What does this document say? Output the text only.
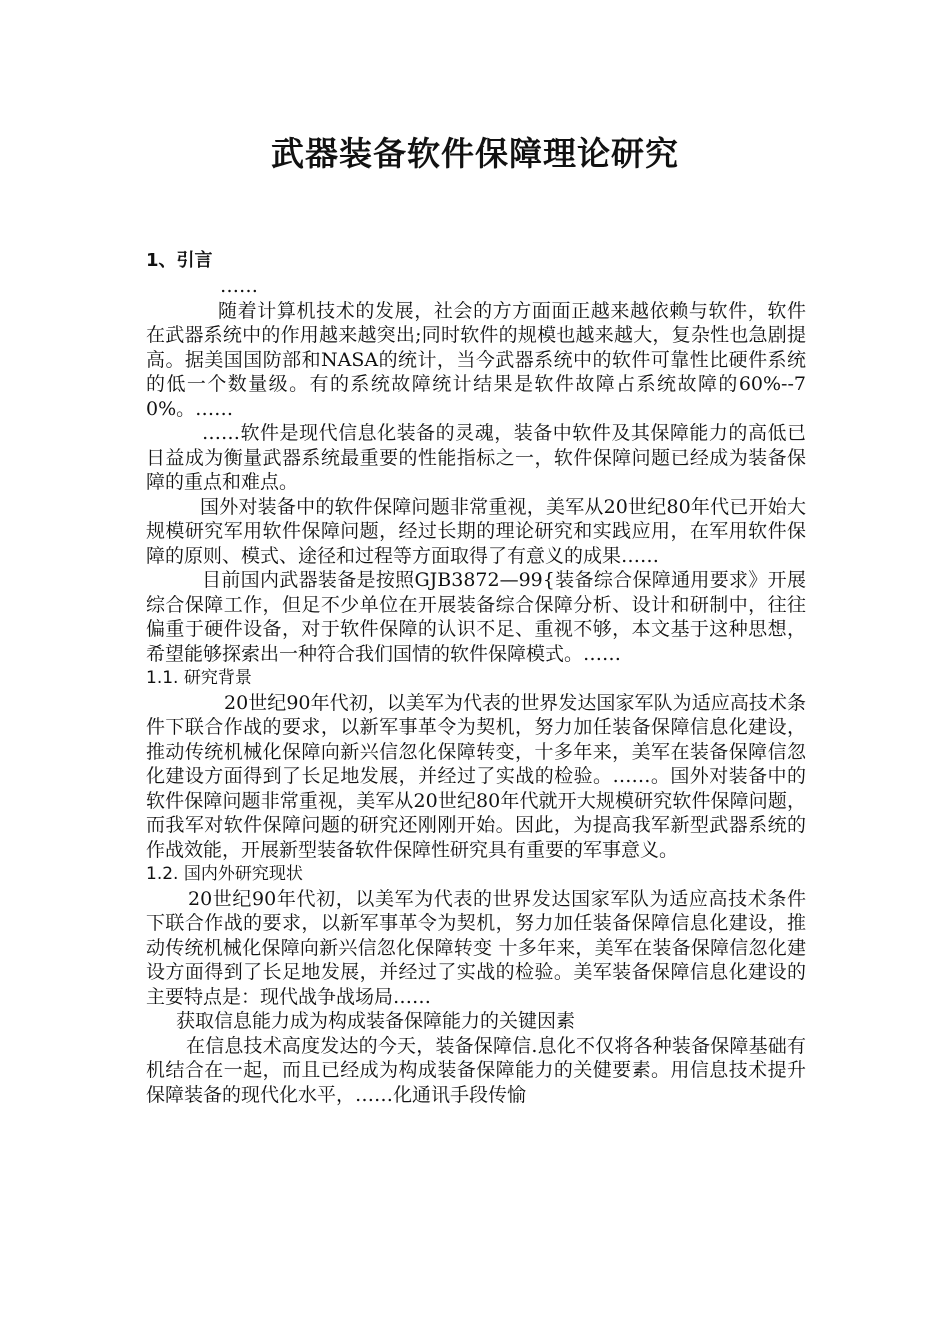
武器装备软件保障理论研究
1、引言

……

随着计算机技术的发展，社会的方方面面正越来越依赖与软件，软件在武器系统中的作用越来越突出;同时软件的规模也越来越大，复杂性也急剧提高。据美国国防部和NASA的统计，当今武器系统中的软件可靠性比硬件系统的低一个数量级。有的系统故障统计结果是软件故障占系统故障的60%--70%。……

……软件是现代信息化装备的灵魂，装备中软件及其保障能力的高低已日益成为衡量武器系统最重要的性能指标之一，软件保障问题已经成为装备保障的重点和难点。

国外对装备中的软件保障问题非常重视，美军从20世纪80年代已开始大规模研究军用软件保障问题，经过长期的理论研究和实践应用，在军用软件保障的原则、模式、途径和过程等方面取得了有意义的成果……

目前国内武器装备是按照GJB3872—99{装备综合保障通用要求》开展综合保障工作，但足不少单位在开展装备综合保障分析、设计和研制中，往往偏重于硬件设备，对于软件保障的认识不足、重视不够，本文基于这种思想，希望能够探索出一种符合我们国情的软件保障模式。……

1.1. 研究背景

20世纪90年代初，以美军为代表的世界发达国家军队为适应高技术条件下联合作战的要求，以新军事革令为契机，努力加任装备保障信息化建设，推动传统机械化保障向新兴信忽化保障转变，十多年来，美军在装备保障信忽化建设方面得到了长足地发展，并经过了实战的检验。……。国外对装备中的软件保障问题非常重视，美军从20世纪80年代就开大规模研究软件保障问题，而我军对软件保障问题的研究还刚刚开始。因此，为提高我军新型武器系统的作战效能，开展新型装备软件保障性研究具有重要的军事意义。

1.2. 国内外研究现状

20世纪90年代初，以美军为代表的世界发达国家军队为适应高技术条件下联合作战的要求，以新军事革令为契机，努力加任装备保障信息化建设，推动传统机械化保障向新兴信忽化保障转变 十多年来，美军在装备保障信忽化建设方面得到了长足地发展，并经过了实战的检验。美军装备保障信息化建设的主要特点是：现代战争战场局……

获取信息能力成为构成装备保障能力的关键因素

在信息技术高度发达的今天，装备保障信.息化不仅将各种装备保障基础有机结合在一起，而且已经成为构成装备保障能力的关健要素。用信息技术提升保障装备的现代化水平，……化通讯手段传愉
